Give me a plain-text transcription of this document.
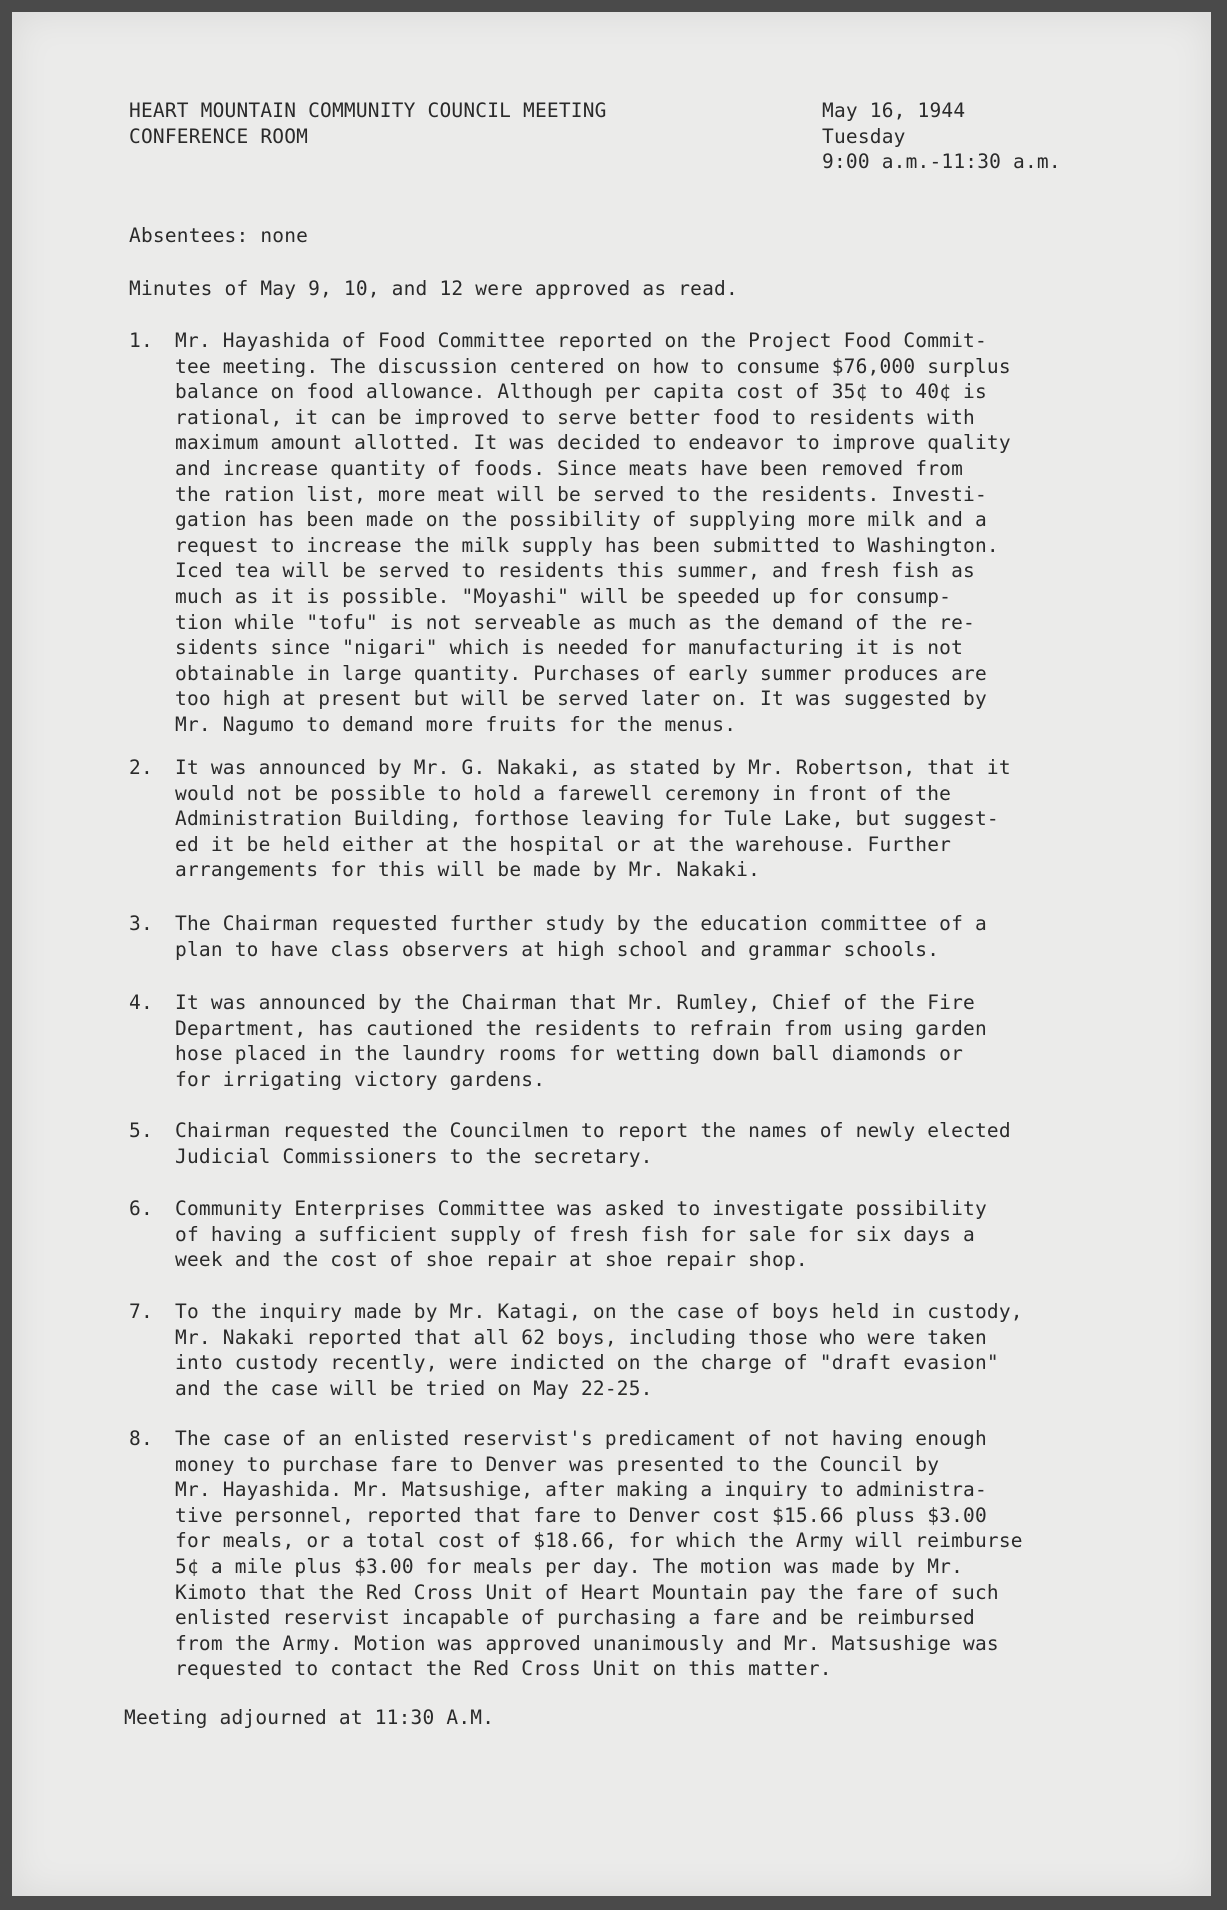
HEART MOUNTAIN COMMUNITY COUNCIL MEETING
CONFERENCE ROOM
May 16, 1944
Tuesday
9:00 a.m.-11:30 a.m.
Absentees: none
Minutes of May 9, 10, and 12 were approved as read.
1. Mr. Hayashida of Food Committee reported on the Project Food Commit-
tee meeting. The discussion centered on how to consume $76,000 surplus
balance on food allowance. Although per capita cost of 35¢ to 40¢ is
rational, it can be improved to serve better food to residents with
maximum amount allotted. It was decided to endeavor to improve quality
and increase quantity of foods. Since meats have been removed from
the ration list, more meat will be served to the residents. Investi-
gation has been made on the possibility of supplying more milk and a
request to increase the milk supply has been submitted to Washington.
Iced tea will be served to residents this summer, and fresh fish as
much as it is possible. "Moyashi" will be speeded up for consump-
tion while "tofu" is not serveable as much as the demand of the re-
sidents since "nigari" which is needed for manufacturing it is not
obtainable in large quantity. Purchases of early summer produces are
too high at present but will be served later on. It was suggested by
Mr. Nagumo to demand more fruits for the menus.
2. It was announced by Mr. G. Nakaki, as stated by Mr. Robertson, that it
would not be possible to hold a farewell ceremony in front of the
Administration Building, forthose leaving for Tule Lake, but suggest-
ed it be held either at the hospital or at the warehouse. Further
arrangements for this will be made by Mr. Nakaki.
3. The Chairman requested further study by the education committee of a
plan to have class observers at high school and grammar schools.
4. It was announced by the Chairman that Mr. Rumley, Chief of the Fire
Department, has cautioned the residents to refrain from using garden
hose placed in the laundry rooms for wetting down ball diamonds or
for irrigating victory gardens.
5. Chairman requested the Councilmen to report the names of newly elected
Judicial Commissioners to the secretary.
6. Community Enterprises Committee was asked to investigate possibility
of having a sufficient supply of fresh fish for sale for six days a
week and the cost of shoe repair at shoe repair shop.
7. To the inquiry made by Mr. Katagi, on the case of boys held in custody,
Mr. Nakaki reported that all 62 boys, including those who were taken
into custody recently, were indicted on the charge of "draft evasion"
and the case will be tried on May 22-25.
8. The case of an enlisted reservist's predicament of not having enough
money to purchase fare to Denver was presented to the Council by
Mr. Hayashida. Mr. Matsushige, after making a inquiry to administra-
tive personnel, reported that fare to Denver cost $15.66 pluss $3.00
for meals, or a total cost of $18.66, for which the Army will reimburse
5¢ a mile plus $3.00 for meals per day. The motion was made by Mr.
Kimoto that the Red Cross Unit of Heart Mountain pay the fare of such
enlisted reservist incapable of purchasing a fare and be reimbursed
from the Army. Motion was approved unanimously and Mr. Matsushige was
requested to contact the Red Cross Unit on this matter.
Meeting adjourned at 11:30 A.M.
